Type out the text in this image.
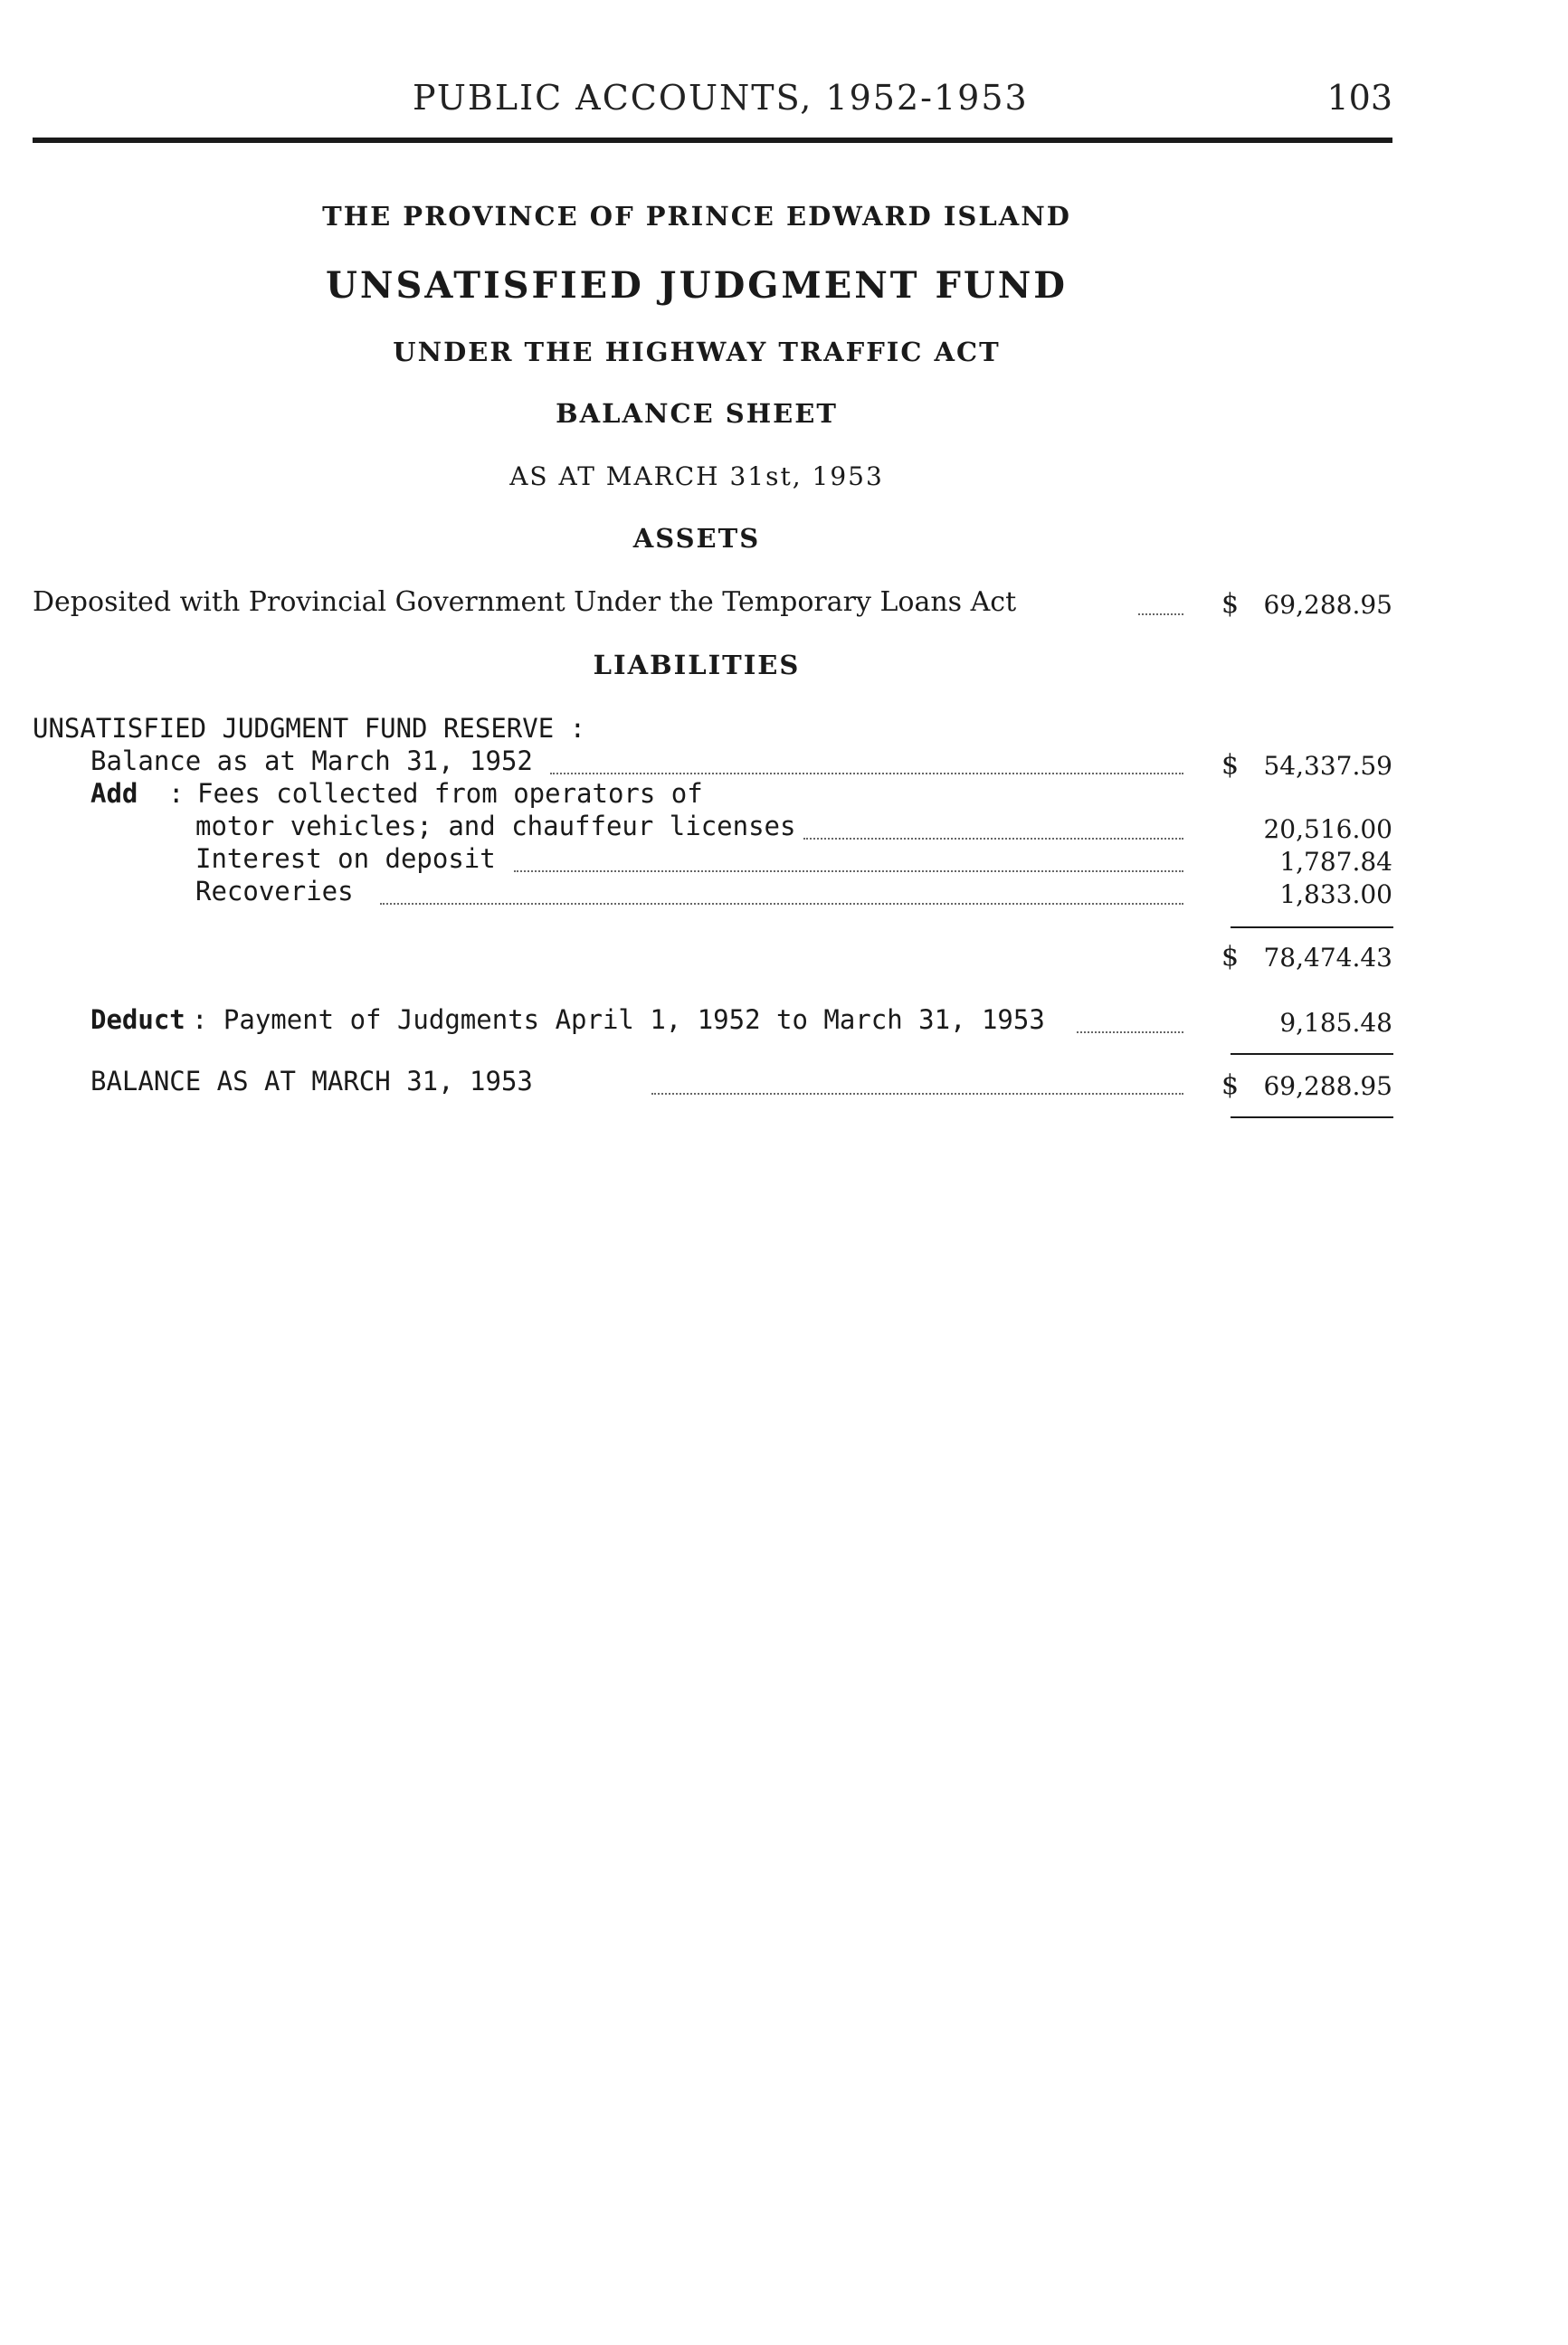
PUBLIC ACCOUNTS, 1952-1953	103
THE PROVINCE OF PRINCE EDWARD ISLAND
UNSATISFIED JUDGMENT FUND
UNDER THE HIGHWAY TRAFFIC ACT
BALANCE SHEET
AS AT MARCH 31st, 1953
ASSETS
Deposited with Provincial Government Under the Temporary Loans Act	$ 69,288.95
LIABILITIES
UNSATISFIED JUDGMENT FUND RESERVE :
Balance as at March 31, 1952	$ 54,337.59
Add : Fees collected from operators of
motor vehicles; and chauffeur licenses	20,516.00
Interest on deposit	1,787.84
Recoveries	1,833.00
$ 78,474.43
Deduct : Payment of Judgments April 1, 1952 to March 31, 1953	9,185.48
BALANCE AS AT MARCH 31, 1953	$ 69,288.95
